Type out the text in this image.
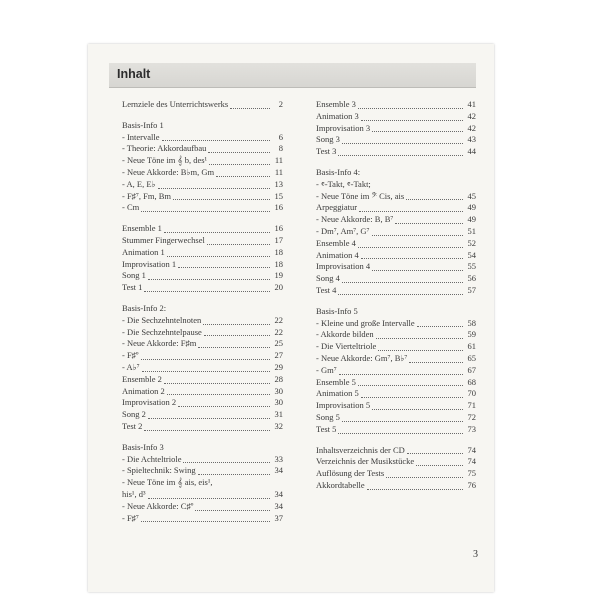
Inhalt
Lernziele des Unterrichtswerks	2
Basis-Info 1
- Intervalle	6
- Theorie: Akkordaufbau	8
- Neue Töne im 𝄞 b, des¹	11
- Neue Akkorde: B♭m, Gm	11
- A, E, E♭	13
- F♯⁷, Fm, Bm	15
- Cm	16
Ensemble 1	16
Stummer Fingerwechsel	17
Animation 1	18
Improvisation 1	18
Song 1	19
Test 1	20
Basis-Info 2:
- Die Sechzehntelnoten	22
- Die Sechzehntelpause	22
- Neue Akkorde: F♯m	25
- F♯º	27
- A♭⁷	29
Ensemble 2	28
Animation 2	30
Improvisation 2	30
Song 2	31
Test 2	32
Basis-Info 3
- Die Achteltriole	33
- Spieltechnik: Swing	34
- Neue Töne im 𝄞 ais, eis¹,
his¹, d³	34
- Neue Akkorde: C♯º	34
- F♯⁷	37
Ensemble 3	41
Animation 3	42
Improvisation 3	42
Song 3	43
Test 3	44
Basis-Info 4:
- 𝄴-Takt, 𝄴-Takt;
- Neue Töne im 𝄢 Cis, ais	45
Arpeggiatur	49
- Neue Akkorde: B, B⁷	49
- Dm⁷, Am⁷, G⁷	51
Ensemble 4	52
Animation 4	54
Improvisation 4	55
Song 4	56
Test 4	57
Basis-Info 5
- Kleine und große Intervalle	58
- Akkorde bilden	59
- Die Vierteltriole	61
- Neue Akkorde: Gm⁷, B♭⁷	65
- Gm⁷	67
Ensemble 5	68
Animation 5	70
Improvisation 5	71
Song 5	72
Test 5	73
Inhaltsverzeichnis der CD	74
Verzeichnis der Musikstücke	74
Auflösung der Tests	75
Akkordtabelle	76
3
